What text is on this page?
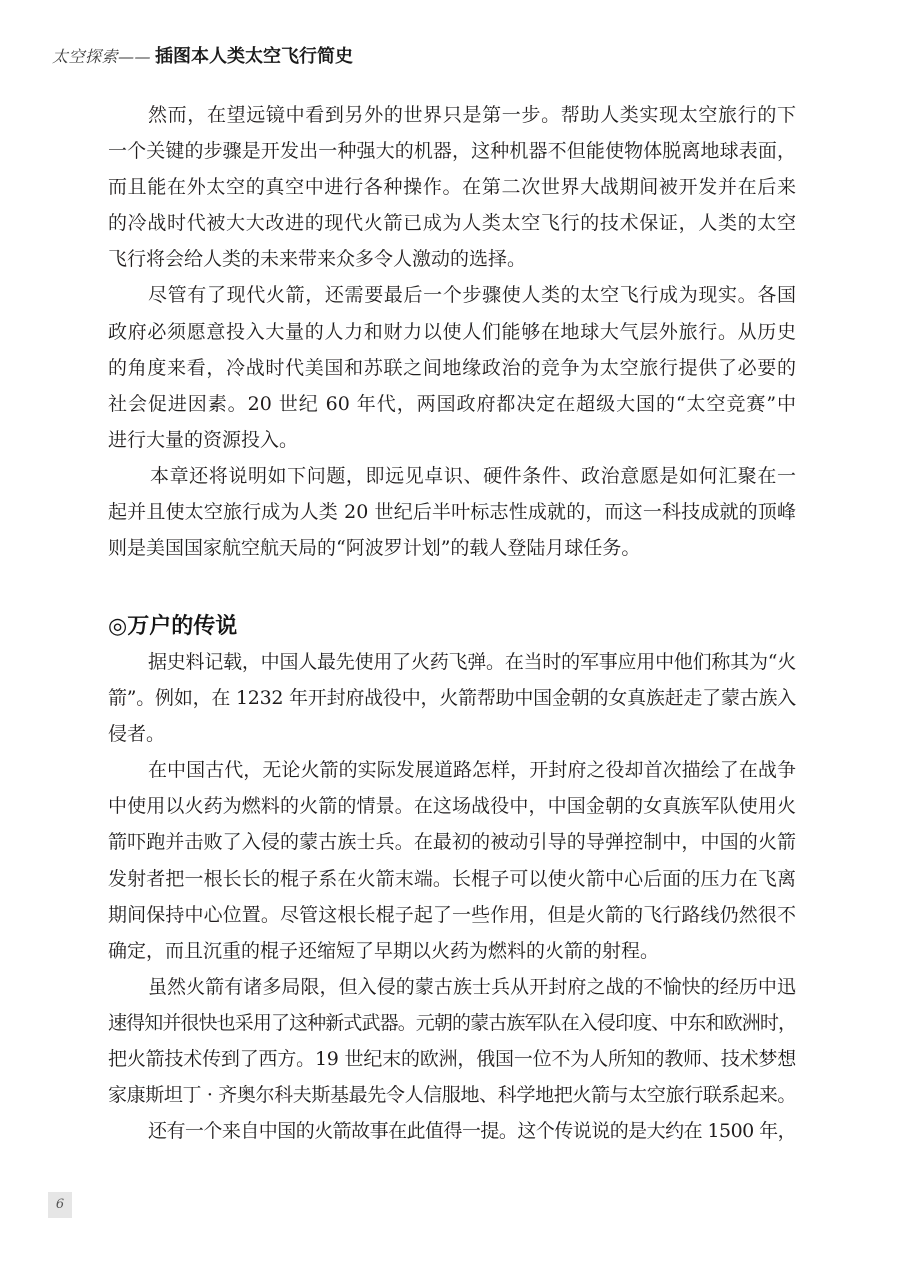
太空探索—— 插图本人类太空飞行简史
然而，在望远镜中看到另外的世界只是第一步。帮助人类实现太空旅行的下
一个关键的步骤是开发出一种强大的机器，这种机器不但能使物体脱离地球表面，
而且能在外太空的真空中进行各种操作。在第二次世界大战期间被开发并在后来
的冷战时代被大大改进的现代火箭已成为人类太空飞行的技术保证，人类的太空
飞行将会给人类的未来带来众多令人激动的选择。
尽管有了现代火箭，还需要最后一个步骤使人类的太空飞行成为现实。各国
政府必须愿意投入大量的人力和财力以使人们能够在地球大气层外旅行。从历史
的角度来看，冷战时代美国和苏联之间地缘政治的竞争为太空旅行提供了必要的
社会促进因素。20 世纪 60 年代，两国政府都决定在超级大国的“太空竞赛”中
进行大量的资源投入。
本章还将说明如下问题，即远见卓识、硬件条件、政治意愿是如何汇聚在一
起并且使太空旅行成为人类 20 世纪后半叶标志性成就的，而这一科技成就的顶峰
则是美国国家航空航天局的“阿波罗计划”的载人登陆月球任务。
◎万户的传说
据史料记载，中国人最先使用了火药飞弹。在当时的军事应用中他们称其为“火
箭”。例如，在 1232 年开封府战役中，火箭帮助中国金朝的女真族赶走了蒙古族入
侵者。
在中国古代，无论火箭的实际发展道路怎样，开封府之役却首次描绘了在战争
中使用以火药为燃料的火箭的情景。在这场战役中，中国金朝的女真族军队使用火
箭吓跑并击败了入侵的蒙古族士兵。在最初的被动引导的导弹控制中，中国的火箭
发射者把一根长长的棍子系在火箭末端。长棍子可以使火箭中心后面的压力在飞离
期间保持中心位置。尽管这根长棍子起了一些作用，但是火箭的飞行路线仍然很不
确定，而且沉重的棍子还缩短了早期以火药为燃料的火箭的射程。
虽然火箭有诸多局限，但入侵的蒙古族士兵从开封府之战的不愉快的经历中迅
速得知并很快也采用了这种新式武器。元朝的蒙古族军队在入侵印度、中东和欧洲时，
把火箭技术传到了西方。19 世纪末的欧洲，俄国一位不为人所知的教师、技术梦想
家康斯坦丁 · 齐奥尔科夫斯基最先令人信服地、科学地把火箭与太空旅行联系起来。
还有一个来自中国的火箭故事在此值得一提。这个传说说的是大约在 1500 年，
6
